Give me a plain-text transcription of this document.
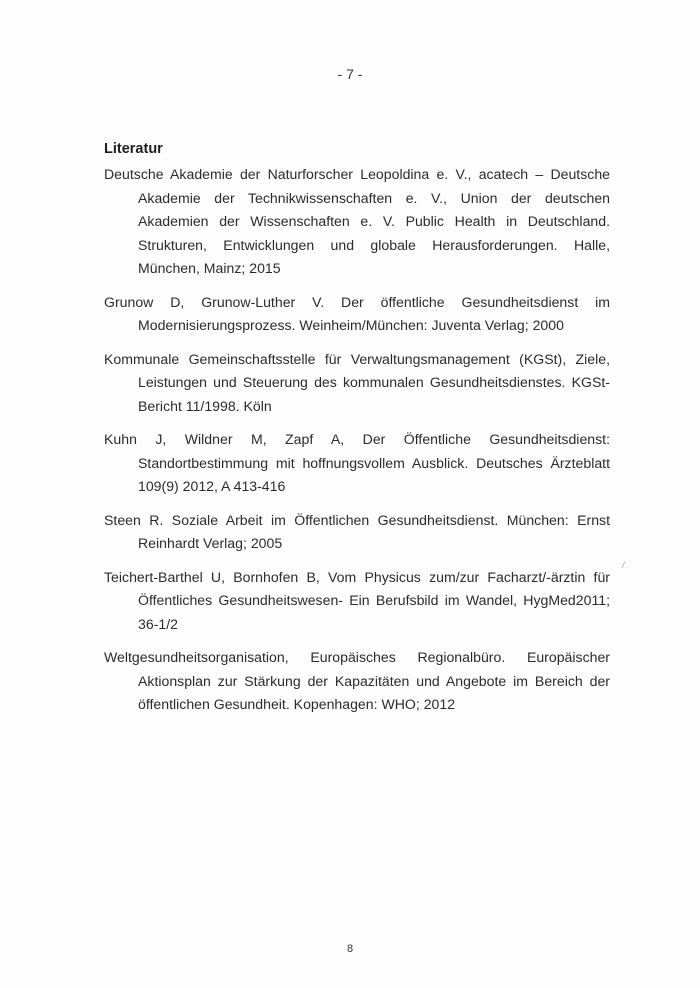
- 7 -
Literatur

Deutsche Akademie der Naturforscher Leopoldina e. V., acatech – Deutsche Akademie der Technikwissenschaften e. V., Union der deutschen Akademien der Wissenschaften e. V. Public Health in Deutschland. Strukturen, Entwicklungen und globale Herausforderungen. Halle, München, Mainz; 2015

Grunow D, Grunow-Luther V. Der öffentliche Gesundheitsdienst im Modernisierungsprozess. Weinheim/München: Juventa Verlag; 2000

Kommunale Gemeinschaftsstelle für Verwaltungsmanagement (KGSt), Ziele, Leistungen und Steuerung des kommunalen Gesundheitsdienstes. KGSt-Bericht 11/1998. Köln

Kuhn J, Wildner M, Zapf A, Der Öffentliche Gesundheitsdienst: Standortbestimmung mit hoffnungsvollem Ausblick. Deutsches Ärzteblatt 109(9) 2012, A 413-416

Steen R. Soziale Arbeit im Öffentlichen Gesundheitsdienst. München: Ernst Reinhardt Verlag; 2005

Teichert-Barthel U, Bornhofen B, Vom Physicus zum/zur Facharzt/-ärztin für Öffentliches Gesundheitswesen- Ein Berufsbild im Wandel, HygMed2011; 36-1/2

Weltgesundheitsorganisation, Europäisches Regionalbüro. Europäischer Aktionsplan zur Stärkung der Kapazitäten und Angebote im Bereich der öffentlichen Gesundheit. Kopenhagen: WHO; 2012

/
8
